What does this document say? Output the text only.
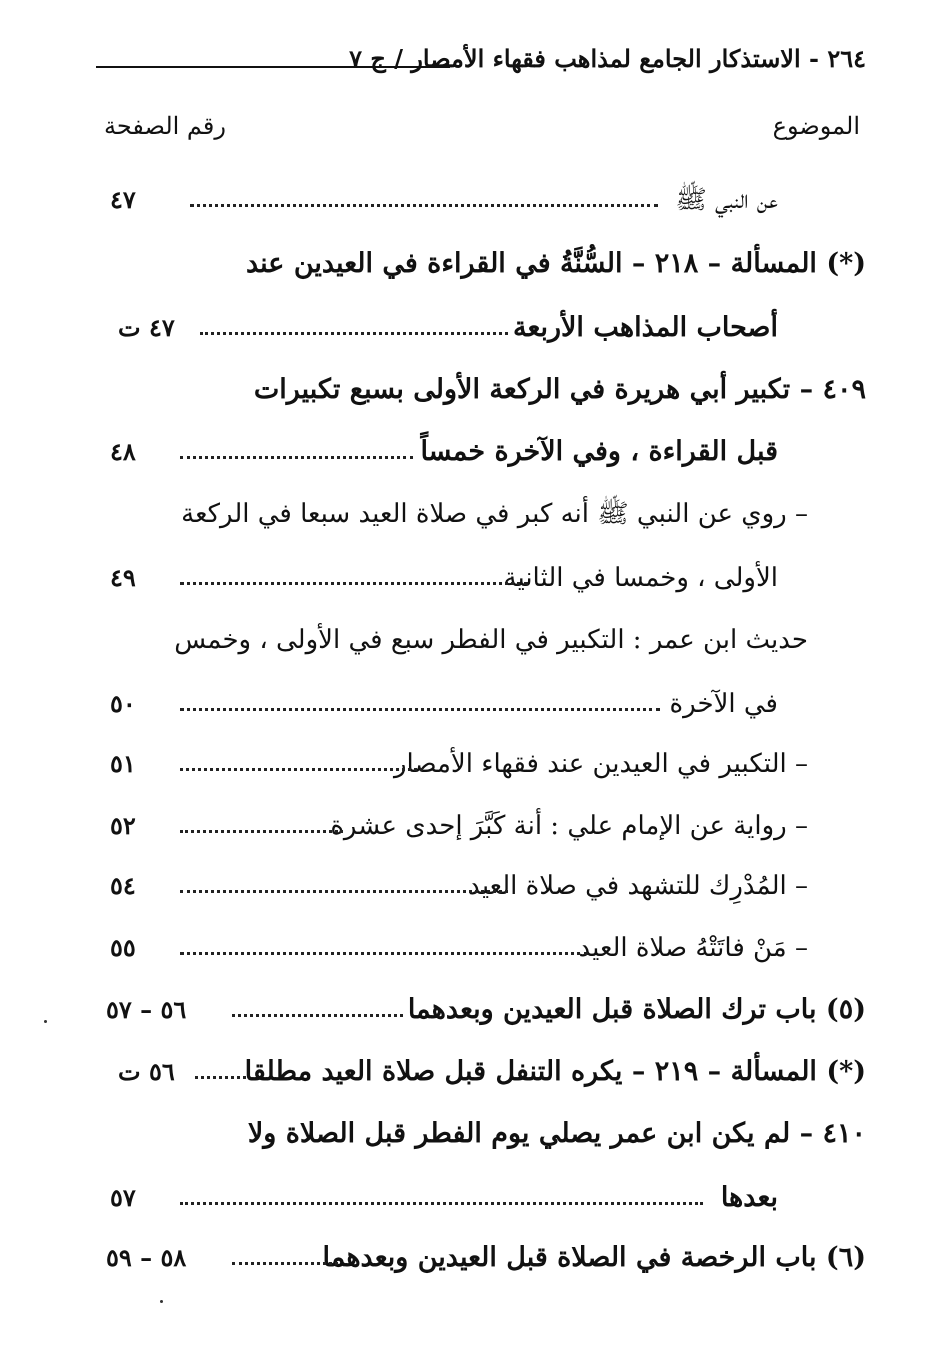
٢٦٤ - الاستذكار الجامع لمذاهب فقهاء الأمصار / ج ٧
الموضوع
رقم الصفحة
عن النبي ﷺ
٤٧
(*) المسألة – ٢١٨ – السُّنَّةُ في القراءة في العيدين عند
أصحاب المذاهب الأربعة
٤٧ ت
٤٠٩ – تكبير أبي هريرة في الركعة الأولى بسبع تكبيرات
قبل القراءة ، وفي الآخرة خمساً
٤٨
– روي عن النبي ﷺ أنه كبر في صلاة العيد سبعا في الركعة
الأولى ، وخمسا في الثانية
٤٩
حديث ابن عمر : التكبير في الفطر سبع في الأولى ، وخمس
في الآخرة
٥٠
– التكبير في العيدين عند فقهاء الأمصار
٥١
– رواية عن الإمام علي : أنة كَبَّرَ إحدى عشرة
٥٢
– المُدْرِك للتشهد في صلاة العيد
٥٤
– مَنْ فاتَتْهُ صلاة العيد
٥٥
(٥) باب ترك الصلاة قبل العيدين وبعدهما
٥٦ – ٥٧
(*) المسألة – ٢١٩ – يكره التنفل قبل صلاة العيد مطلقا
٥٦ ت
٤١٠ – لم يكن ابن عمر يصلي يوم الفطر قبل الصلاة ولا
بعدها
٥٧
(٦) باب الرخصة في الصلاة قبل العيدين وبعدهما
٥٨ – ٥٩
